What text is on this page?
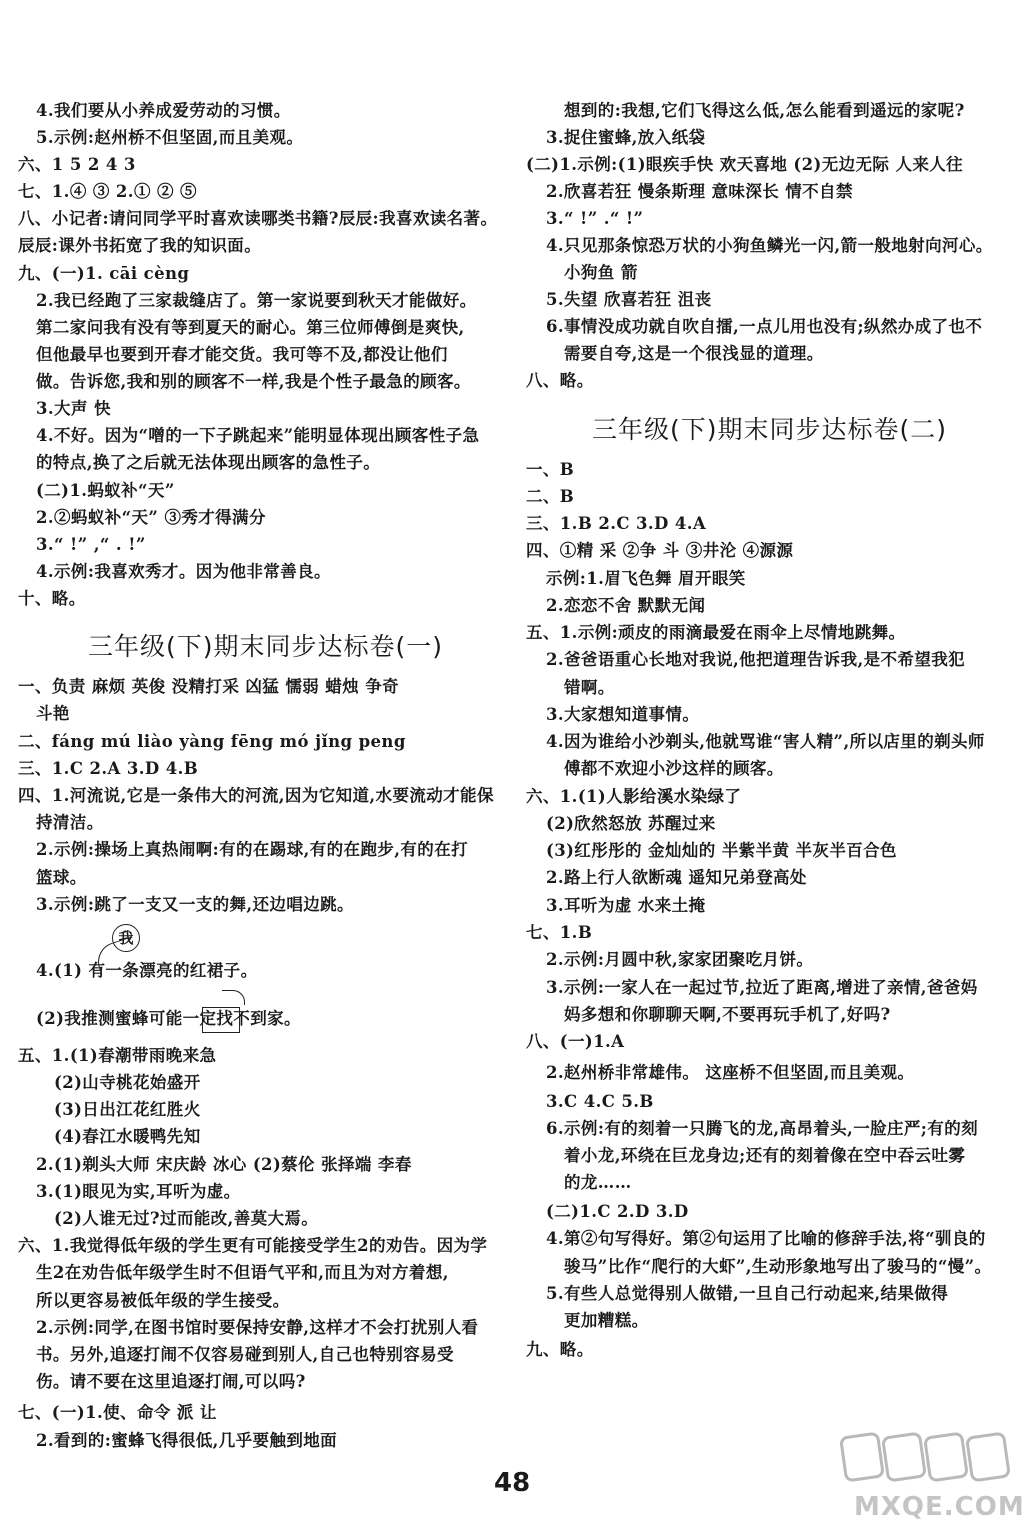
4.我们要从小养成爱劳动的习惯。
5.示例:赵州桥不但坚固,而且美观。
六、1 5 2 4 3
七、1.④ ③ 2.① ② ⑤
八、小记者:请问同学平时喜欢读哪类书籍?辰辰:我喜欢读名著。
辰辰:课外书拓宽了我的知识面。
九、(一)1. cāi cèng
2.我已经跑了三家裁缝店了。第一家说要到秋天才能做好。
第二家问我有没有等到夏天的耐心。第三位师傅倒是爽快,
但他最早也要到开春才能交货。我可等不及,都没让他们
做。告诉您,我和别的顾客不一样,我是个性子最急的顾客。
3.大声 快
4.不好。因为“噌的一下子跳起来”能明显体现出顾客性子急
的特点,换了之后就无法体现出顾客的急性子。
(二)1.蚂蚁补“天”
2.②蚂蚁补“天” ③秀才得满分
3.“ !” ,“ . !”
4.示例:我喜欢秀才。因为他非常善良。
十、略。
一、负责 麻烦 英俊 没精打采 凶猛 懦弱 蜡烛 争奇
斗艳
二、fáng mú liào yàng fēng mó jǐng peng
三、1.C 2.A 3.D 4.B
四、1.河流说,它是一条伟大的河流,因为它知道,水要流动才能保
持清洁。
2.示例:操场上真热闹啊:有的在踢球,有的在跑步,有的在打
篮球。
3.示例:跳了一支又一支的舞,还边唱边跳。
4.(1) 有一条漂亮的红裙子。
(2)我推测蜜蜂可能一定找不到家。
五、1.(1)春潮带雨晚来急
(2)山寺桃花始盛开
(3)日出江花红胜火
(4)春江水暖鸭先知
2.(1)剃头大师 宋庆龄 冰心 (2)蔡伦 张择端 李春
3.(1)眼见为实,耳听为虚。
(2)人谁无过?过而能改,善莫大焉。
六、1.我觉得低年级的学生更有可能接受学生2的劝告。因为学
生2在劝告低年级学生时不但语气平和,而且为对方着想,
所以更容易被低年级的学生接受。
2.示例:同学,在图书馆时要保持安静,这样才不会打扰别人看
书。另外,追逐打闹不仅容易碰到别人,自己也特别容易受
伤。请不要在这里追逐打闹,可以吗?
七、(一)1.使、命令 派 让
2.看到的:蜜蜂飞得很低,几乎要触到地面
想到的:我想,它们飞得这么低,怎么能看到遥远的家呢?
3.捉住蜜蜂,放入纸袋
(二)1.示例:(1)眼疾手快 欢天喜地 (2)无边无际 人来人往
2.欣喜若狂 慢条斯理 意味深长 情不自禁
3.“ !” .“ !”
4.只见那条惊恐万状的小狗鱼鳞光一闪,箭一般地射向河心。
小狗鱼 箭
5.失望 欣喜若狂 沮丧
6.事情没成功就自吹自擂,一点儿用也没有;纵然办成了也不
需要自夸,这是一个很浅显的道理。
八、略。
一、B
二、B
三、1.B 2.C 3.D 4.A
四、①精 采 ②争 斗 ③井沦 ④源源
示例:1.眉飞色舞 眉开眼笑
2.恋恋不舍 默默无闻
五、1.示例:顽皮的雨滴最爱在雨伞上尽情地跳舞。
2.爸爸语重心长地对我说,他把道理告诉我,是不希望我犯
错啊。
3.大家想知道事情。
4.因为谁给小沙剃头,他就骂谁“害人精”,所以店里的剃头师
傅都不欢迎小沙这样的顾客。
六、1.(1)人影给溪水染绿了
(2)欣然怒放 苏醒过来
(3)红彤彤的 金灿灿的 半紫半黄 半灰半百合色
2.路上行人欲断魂 遥知兄弟登高处
3.耳听为虚 水来土掩
七、1.B
2.示例:月圆中秋,家家团聚吃月饼。
3.示例:一家人在一起过节,拉近了距离,增进了亲情,爸爸妈
妈多想和你聊聊天啊,不要再玩手机了,好吗?
八、(一)1.A
2.赵州桥非常雄伟。 这座桥不但坚固,而且美观。
3.C 4.C 5.B
6.示例:有的刻着一只腾飞的龙,高昂着头,一脸庄严;有的刻
着小龙,环绕在巨龙身边;还有的刻着像在空中吞云吐雾
的龙……
(二)1.C 2.D 3.D
4.第②句写得好。第②句运用了比喻的修辞手法,将“驯良的
骏马”比作“爬行的大虾”,生动形象地写出了骏马的“慢”。
5.有些人总觉得别人做错,一旦自己行动起来,结果做得
更加糟糕。
九、略。
三年级(下)期末同步达标卷(一)
三年级(下)期末同步达标卷(二)
我
48
MXQE.COM
